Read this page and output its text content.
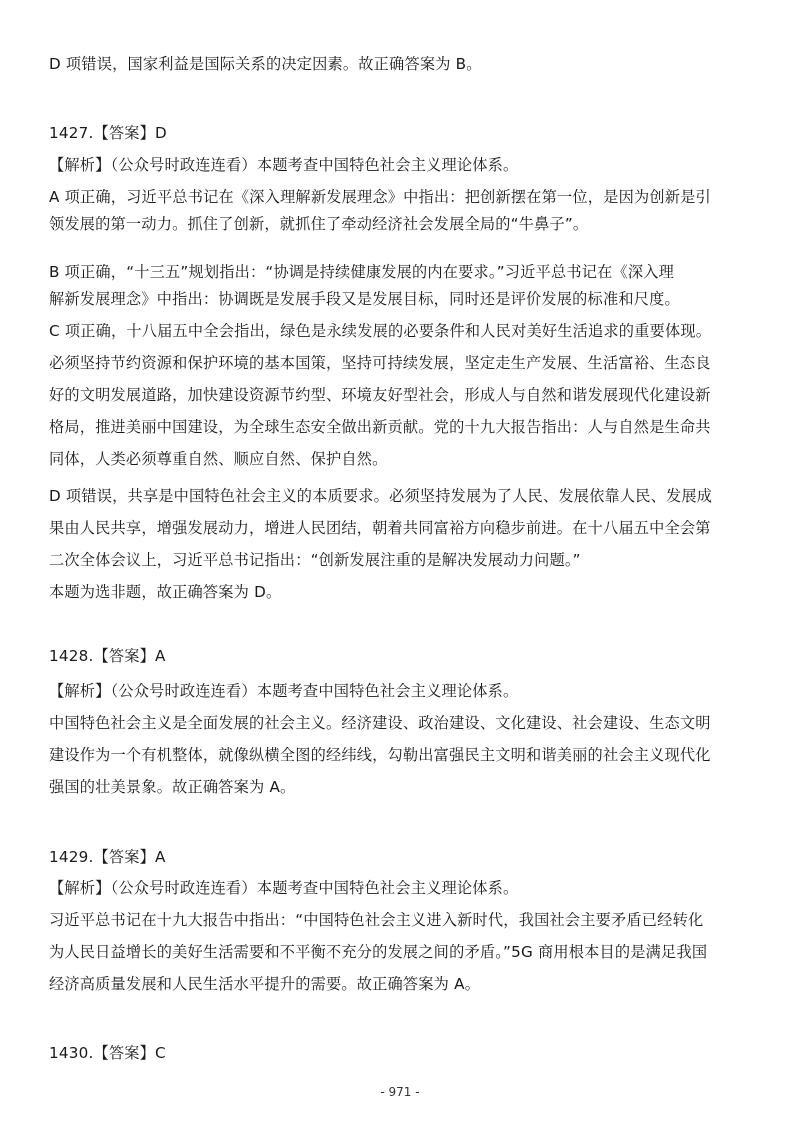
D 项错误，国家利益是国际关系的决定因素。故正确答案为 B。
1427.【答案】D
【解析】（公众号时政连连看）本题考查中国特色社会主义理论体系。
A 项正确，习近平总书记在《深入理解新发展理念》中指出：把创新摆在第一位，是因为创新是引
领发展的第一动力。抓住了创新，就抓住了牵动经济社会发展全局的“牛鼻子”。
B 项正确，“十三五”规划指出：“协调是持续健康发展的内在要求。”习近平总书记在《深入理
解新发展理念》中指出：协调既是发展手段又是发展目标，同时还是评价发展的标准和尺度。
C 项正确，十八届五中全会指出，绿色是永续发展的必要条件和人民对美好生活追求的重要体现。
必须坚持节约资源和保护环境的基本国策，坚持可持续发展，坚定走生产发展、生活富裕、生态良
好的文明发展道路，加快建设资源节约型、环境友好型社会，形成人与自然和谐发展现代化建设新
格局，推进美丽中国建设，为全球生态安全做出新贡献。党的十九大报告指出：人与自然是生命共
同体，人类必须尊重自然、顺应自然、保护自然。
D 项错误，共享是中国特色社会主义的本质要求。必须坚持发展为了人民、发展依靠人民、发展成
果由人民共享，增强发展动力，增进人民团结，朝着共同富裕方向稳步前进。在十八届五中全会第
二次全体会议上，习近平总书记指出：“创新发展注重的是解决发展动力问题。”
本题为选非题，故正确答案为 D。
1428.【答案】A
【解析】（公众号时政连连看）本题考查中国特色社会主义理论体系。
中国特色社会主义是全面发展的社会主义。经济建设、政治建设、文化建设、社会建设、生态文明
建设作为一个有机整体，就像纵横全图的经纬线，勾勒出富强民主文明和谐美丽的社会主义现代化
强国的壮美景象。故正确答案为 A。
1429.【答案】A
【解析】（公众号时政连连看）本题考查中国特色社会主义理论体系。
习近平总书记在十九大报告中指出：“中国特色社会主义进入新时代，我国社会主要矛盾已经转化
为人民日益增长的美好生活需要和不平衡不充分的发展之间的矛盾。”5G 商用根本目的是满足我国
经济高质量发展和人民生活水平提升的需要。故正确答案为 A。
1430.【答案】C
- 971 -
